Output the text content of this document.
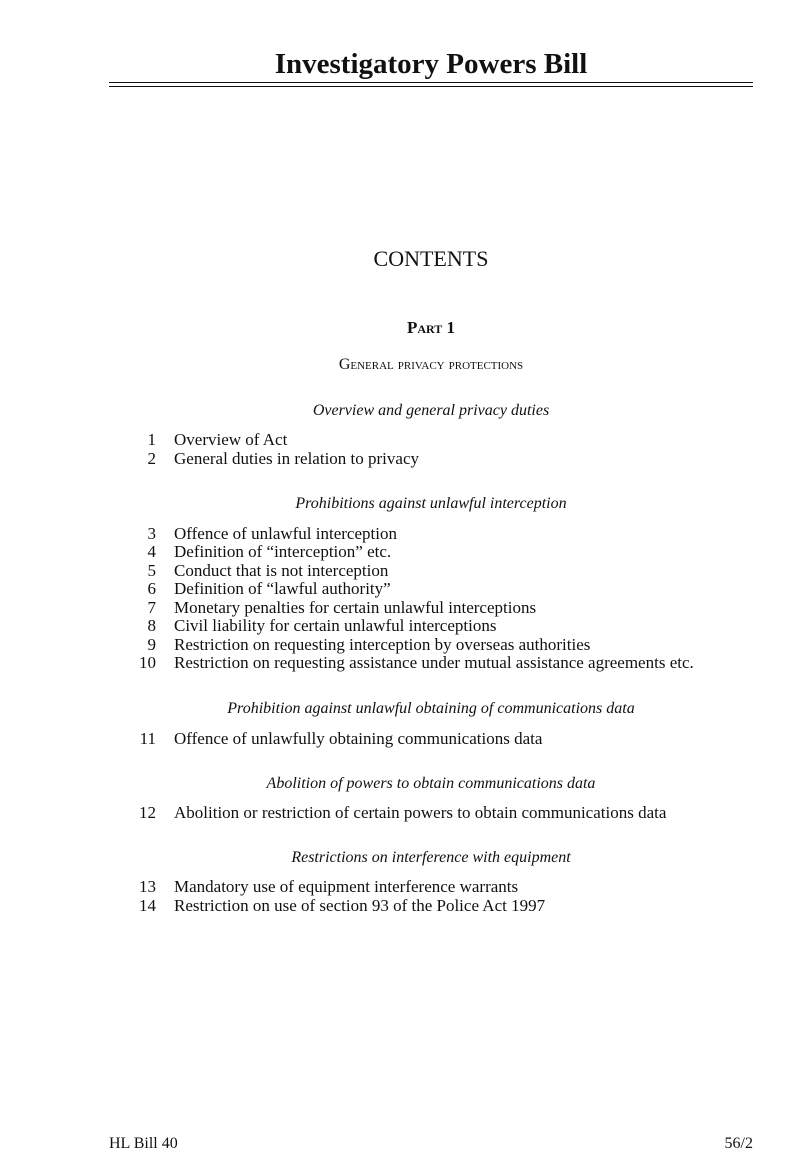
Investigatory Powers Bill
CONTENTS
Part 1
General privacy protections
Overview and general privacy duties
1 Overview of Act
2 General duties in relation to privacy
Prohibitions against unlawful interception
3 Offence of unlawful interception
4 Definition of “interception” etc.
5 Conduct that is not interception
6 Definition of “lawful authority”
7 Monetary penalties for certain unlawful interceptions
8 Civil liability for certain unlawful interceptions
9 Restriction on requesting interception by overseas authorities
10 Restriction on requesting assistance under mutual assistance agreements etc.
Prohibition against unlawful obtaining of communications data
11 Offence of unlawfully obtaining communications data
Abolition of powers to obtain communications data
12 Abolition or restriction of certain powers to obtain communications data
Restrictions on interference with equipment
13 Mandatory use of equipment interference warrants
14 Restriction on use of section 93 of the Police Act 1997
HL Bill 40	56/2
